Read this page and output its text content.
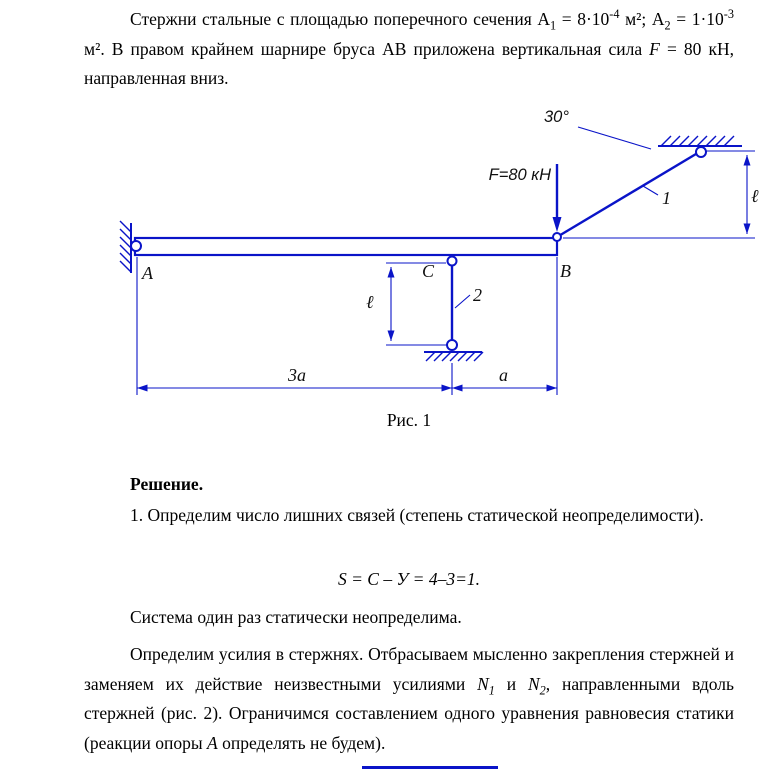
Стержни стальные с площадью поперечного сечения $А_1 = 8\cdot 10^{-4}$ м²; $А_2 = 1\cdot 10^{-3}$ м². В правом крайнем шарнире бруса АВ приложена вертикальная сила F = 80 кН, направленная вниз.

30°
F=80 кН
1
2
ℓ
ℓ
3а	а
A	C	B

Рис. 1

Решение.

1. Определим число лишних связей (степень статической неопределимости).

S = C – У = 4–3=1.

Система один раз статически неопределима.

Определим усилия в стержнях. Отбрасываем мысленно закрепления стержней и заменяем их действие неизвестными усилиями $N_1$ и $N_2$, направленными вдоль стержней (рис. 2). Ограничимся составлением одного уравнения равновесия статики (реакции опоры А определять не будем).
